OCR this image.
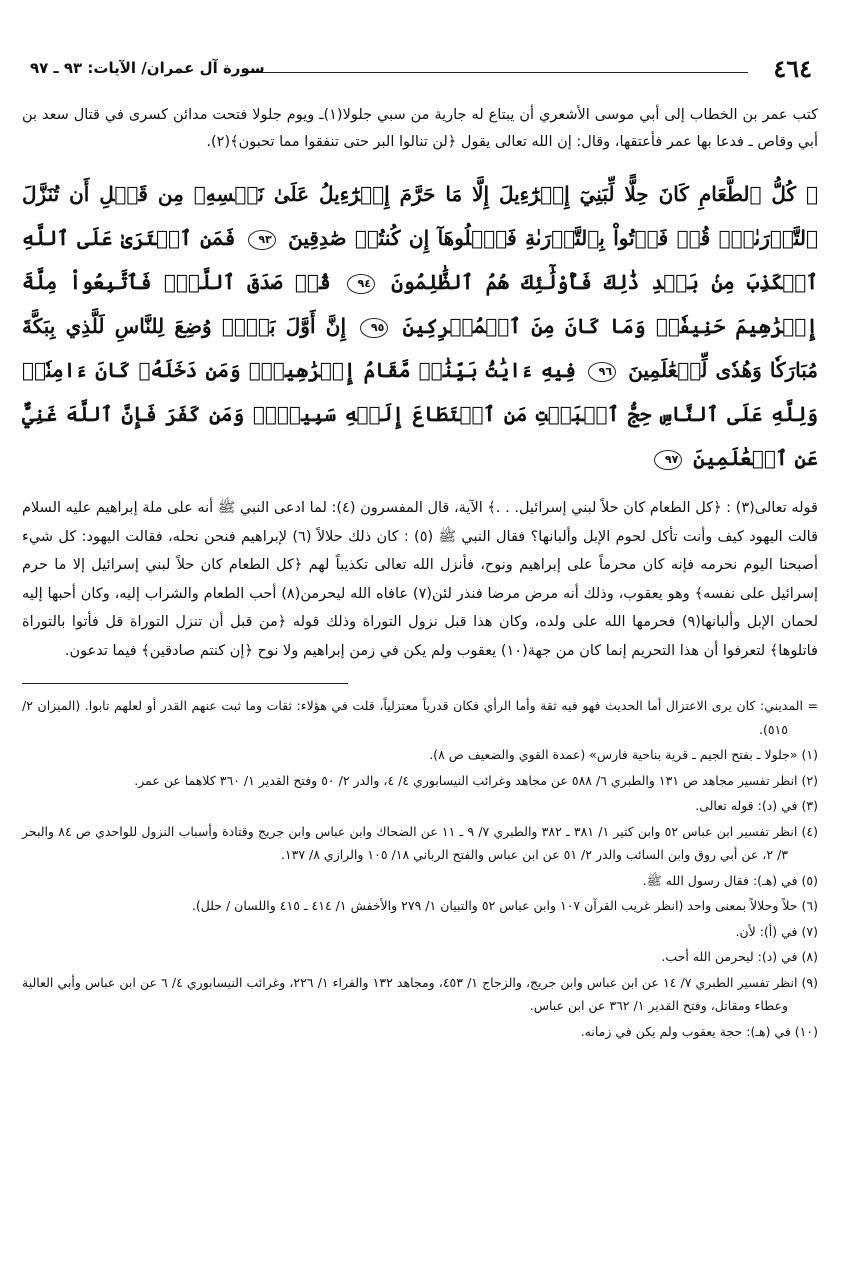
٤٦٤
سورة آل عمران/ الآيات: ٩٣ ـ ٩٧

كتب عمر بن الخطاب إلى أبي موسى الأشعري أن يبتاع له جارية من سبي جلولا(١)ـ ويوم جلولا فتحت مدائن كسرى في قتال سعد بن أبي وقاص ـ فدعا بها عمر فأعتقها، وقال: إن الله تعالى يقول ﴿لن تنالوا البر حتى تنفقوا مما تحبون﴾(٢).

۞ كُلُّ ٱلطَّعَامِ كَانَ حِلًّا لِّبَنِيٓ إِسۡرَٰٓءِيلَ إِلَّا مَا حَرَّمَ إِسۡرَٰٓءِيلُ عَلَىٰ نَفۡسِهِۦ مِن قَبۡلِ أَن تُنَزَّلَ ٱلتَّوۡرَىٰةُۚ قُلۡ فَأۡتُواْ بِٱلتَّوۡرَىٰةِ فَٱتۡلُوهَآ إِن كُنتُمۡ صَٰدِقِينَ ٩٣ فَمَنِ ٱفۡتَرَىٰ عَلَى ٱللَّهِ ٱلۡكَذِبَ مِنۢ بَعۡدِ ذَٰلِكَ فَأُوْلَٰٓئِكَ هُمُ ٱلظَّٰلِمُونَ ٩٤ قُلۡ صَدَقَ ٱللَّهُۗ فَٱتَّبِعُواْ مِلَّةَ إِبۡرَٰهِيمَ حَنِيفٗاۖ وَمَا كَانَ مِنَ ٱلۡمُشۡرِكِينَ ٩٥ إِنَّ أَوَّلَ بَيۡتٖ وُضِعَ لِلنَّاسِ لَلَّذِي بِبَكَّةَ مُبَارَكٗا وَهُدٗى لِّلۡعَٰلَمِينَ ٩٦ فِيهِ ءَايَٰتُۢ بَيِّنَٰتٞ مَّقَامُ إِبۡرَٰهِيمَۖ وَمَن دَخَلَهُۥ كَانَ ءَامِنٗاۗ وَلِلَّهِ عَلَى ٱلنَّاسِ حِجُّ ٱلۡبَيۡتِ مَنِ ٱسۡتَطَاعَ إِلَيۡهِ سَبِيلٗاۚ وَمَن كَفَرَ فَإِنَّ ٱللَّهَ غَنِيٌّ عَنِ ٱلۡعَٰلَمِينَ ٩٧

قوله تعالى(٣) : ﴿كل الطعام كان حلاً لبني إسرائيل. . .﴾ الآية، قال المفسرون (٤): لما ادعى النبي ﷺ أنه على ملة إبراهيم عليه السلام قالت اليهود كيف وأنت تأكل لحوم الإبل وألبانها؟ فقال النبي ﷺ (٥) : كان ذلك حلالاً (٦) لإبراهيم فنحن نحله، فقالت اليهود: كل شيء أصبحنا اليوم نحرمه فإنه كان محرماً على إبراهيم ونوح، فأنزل الله تعالى تكذيباً لهم ﴿كل الطعام كان حلاً لبني إسرائيل إلا ما حرم إسرائيل على نفسه﴾ وهو يعقوب، وذلك أنه مرض مرضا فنذر لئن(٧) عافاه الله ليحرمن(٨) أحب الطعام والشراب إليه، وكان أحبها إليه لحمان الإبل وألبانها(٩) فحرمها الله على ولده، وكان هذا قبل نزول التوراة وذلك قوله ﴿من قبل أن تنزل التوراة قل فأتوا بالتوراة فاتلوها﴾ لتعرفوا أن هذا التحريم إنما كان من جهة(١٠) يعقوب ولم يكن في زمن إبراهيم ولا نوح ﴿إن كنتم صادقين﴾ فيما تدعون.

= المديني: كان يرى الاعتزال أما الحديث فهو فيه ثقة وأما الرأي فكان قدرياً معتزلياً، قلت في هؤلاء: ثقات وما ثبت عنهم القدر أو لعلهم تابوا. (الميزان ٢/ ٥١٥).

(١) «جلولا ـ بفتح الجيم ـ قرية بناحية فارس» (عمدة القوي والضعيف ص ٨).

(٢) انظر تفسير مجاهد ص ١٣١ والطبري ٦/ ٥٨٨ عن مجاهد وغرائب النيسابوري ٤/ ٤، والدر ٢/ ٥٠ وفتح القدير ١/ ٣٦٠ كلاهما عن عمر.

(٣) في (د): قوله تعالى.

(٤) انظر تفسير ابن عباس ٥٢ وابن كثير ١/ ٣٨١ ـ ٣٨٢ والطبري ٧/ ٩ ـ ١١ عن الضحاك وابن عباس وابن جريج وقتادة وأسباب النزول للواحدي ص ٨٤ والبحر ٣/ ٢، عن أبي روق وابن السائب والدر ٢/ ٥١ عن ابن عباس والفتح الرباني ١٨/ ١٠٥ والرازي ٨/ ١٣٧.

(٥) في (هـ): فقال رسول الله ﷺ.

(٦) حلاً وحلالاً بمعنى واحد (انظر غريب القرآن ١٠٧ وابن عباس ٥٢ والتبيان ١/ ٢٧٩ والأخفش ١/ ٤١٤ ـ ٤١٥ واللسان / حلل).

(٧) في (أ): لأن.

(٨) في (د): ليحرمن الله أحب.

(٩) انظر تفسير الطبري ٧/ ١٤ عن ابن عباس وابن جريج، والزجاج ١/ ٤٥٣، ومجاهد ١٣٢ والفراء ١/ ٢٢٦، وغرائب النيسابوري ٤/ ٦ عن ابن عباس وأبي العالية وعطاء ومقاتل، وفتح القدير ١/ ٣٦٢ عن ابن عباس.

(١٠) في (هـ): حجة يعقوب ولم يكن في زمانه.
